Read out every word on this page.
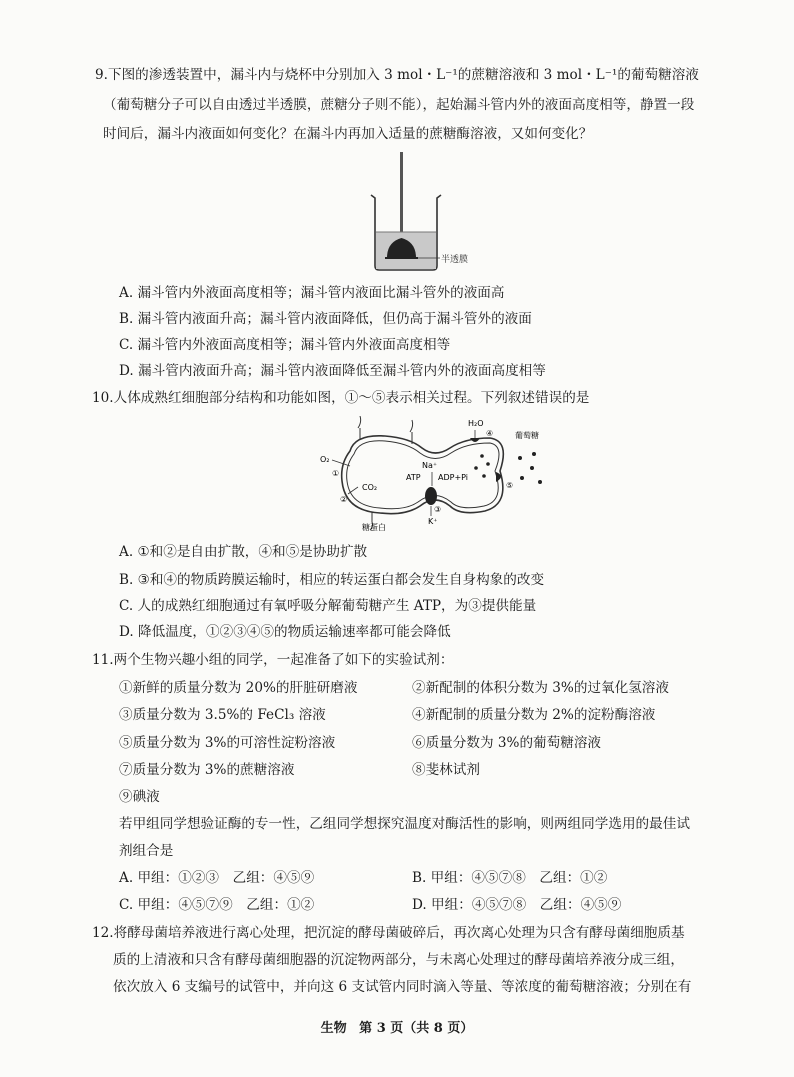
9.下图的渗透装置中，漏斗内与烧杯中分别加入 3 mol・L⁻¹的蔗糖溶液和 3 mol・L⁻¹的葡萄糖溶液
（葡萄糖分子可以自由透过半透膜，蔗糖分子则不能），起始漏斗管内外的液面高度相等，静置一段
时间后，漏斗内液面如何变化？在漏斗内再加入适量的蔗糖酶溶液，又如何变化？
半透膜
A. 漏斗管内外液面高度相等；漏斗管内液面比漏斗管外的液面高
B. 漏斗管内液面升高；漏斗管内液面降低，但仍高于漏斗管外的液面
C. 漏斗管内外液面高度相等；漏斗管内外液面高度相等
D. 漏斗管内液面升高；漏斗管内液面降低至漏斗管内外的液面高度相等
10.人体成熟红细胞部分结构和功能如图，①～⑤表示相关过程。下列叙述错误的是
O₂
①
CO₂
②
糖蛋白
Na⁺
ATP ADP+Pi
K⁺
③
H₂O
④
⑤
葡萄糖
A. ①和②是自由扩散，④和⑤是协助扩散
B. ③和④的物质跨膜运输时，相应的转运蛋白都会发生自身构象的改变
C. 人的成熟红细胞通过有氧呼吸分解葡萄糖产生 ATP，为③提供能量
D. 降低温度，①②③④⑤的物质运输速率都可能会降低
11.两个生物兴趣小组的同学，一起准备了如下的实验试剂：
①新鲜的质量分数为 20%的肝脏研磨液	②新配制的体积分数为 3%的过氧化氢溶液
③质量分数为 3.5%的 FeCl₃ 溶液	④新配制的质量分数为 2%的淀粉酶溶液
⑤质量分数为 3%的可溶性淀粉溶液	⑥质量分数为 3%的葡萄糖溶液
⑦质量分数为 3%的蔗糖溶液	⑧斐林试剂
⑨碘液
若甲组同学想验证酶的专一性，乙组同学想探究温度对酶活性的影响，则两组同学选用的最佳试
剂组合是
A. 甲组：①②③　乙组：④⑤⑨	B. 甲组：④⑤⑦⑧　乙组：①②
C. 甲组：④⑤⑦⑨　乙组：①②	D. 甲组：④⑤⑦⑧　乙组：④⑤⑨
12.将酵母菌培养液进行离心处理，把沉淀的酵母菌破碎后，再次离心处理为只含有酵母菌细胞质基
质的上清液和只含有酵母菌细胞器的沉淀物两部分，与未离心处理过的酵母菌培养液分成三组，
依次放入 6 支编号的试管中，并向这 6 支试管内同时滴入等量、等浓度的葡萄糖溶液；分别在有
生物 第 3 页（共 8 页）
